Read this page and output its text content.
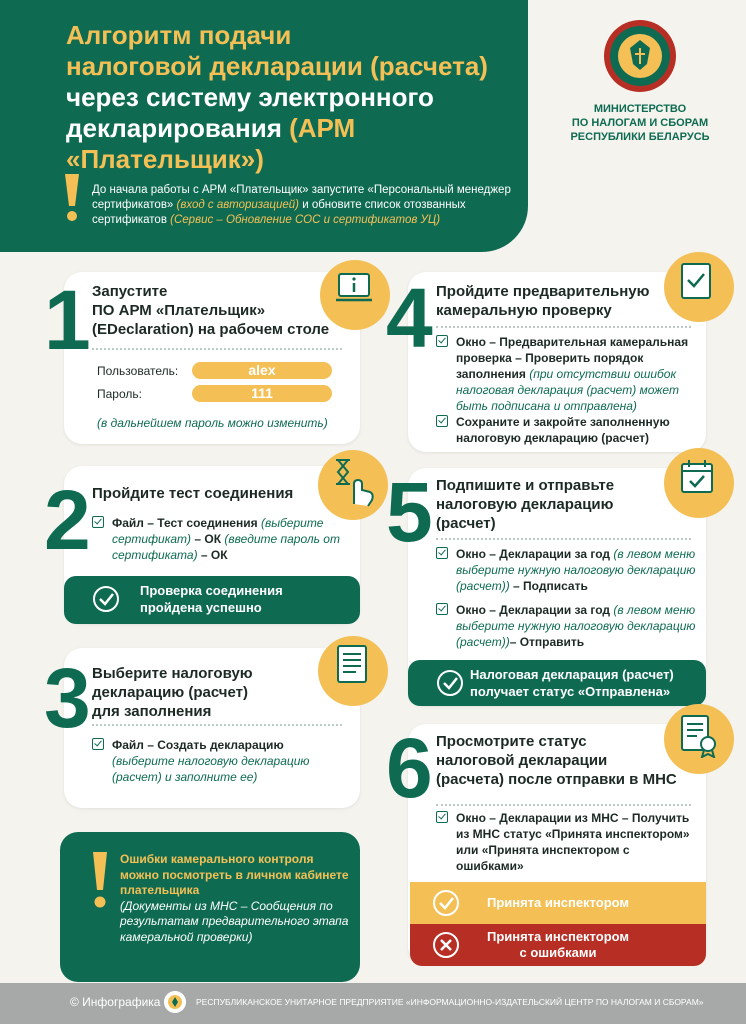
Алгоритм подачи
налоговой декларации (расчета)
через систему электронного
декларирования (АРМ «Плательщик»)
До начала работы с АРМ «Плательщик» запустите «Персональный менеджер сертификатов» (вход с авторизацией) и обновите список отозванных сертификатов (Сервис – Обновление СОС и сертификатов УЦ)
МИНИСТЕРСТВО
ПО НАЛОГАМ И СБОРАМ
РЕСПУБЛИКИ БЕЛАРУСЬ
1 Запустите
ПО АРМ «Плательщик»
(EDeclaration) на рабочем столе
Пользователь:	alex
Пароль:	111
(в дальнейшем пароль можно изменить)
2 Пройдите тест соединения
Файл – Тест соединения (выберите сертификат) – ОК (введите пароль от сертификата) – ОК
Проверка соединения
пройдена успешно
3 Выберите налоговую
декларацию (расчет)
для заполнения
Файл – Создать декларацию
(выберите налоговую декларацию (расчет) и заполните ее)
Ошибки камерального контроля можно посмотреть в личном кабинете плательщика
(Документы из МНС – Сообщения по результатам предварительного этапа камеральной проверки)
4 Пройдите предварительную
камеральную проверку
Окно – Предварительная камеральная проверка – Проверить порядок заполнения (при отсутствии ошибок налоговая декларация (расчет) может быть подписана и отправлена)
Сохраните и закройте заполненную налоговую декларацию (расчет)
5 Подпишите и отправьте
налоговую декларацию
(расчет)
Окно – Декларации за год (в левом меню выберите нужную налоговую декларацию (расчет)) – Подписать
Окно – Декларации за год (в левом меню выберите нужную налоговую декларацию (расчет))– Отправить
Налоговая декларация (расчет)
получает статус «Отправлена»
6 Просмотрите статус
налоговой декларации
(расчета) после отправки в МНС
Окно – Декларации из МНС – Получить из МНС статус «Принята инспектором» или «Принята инспектором с ошибками»
Принята инспектором
Принята инспектором
с ошибками
© Инфографика	РЕСПУБЛИКАНСКОЕ УНИТАРНОЕ ПРЕДПРИЯТИЕ «ИНФОРМАЦИОННО-ИЗДАТЕЛЬСКИЙ ЦЕНТР ПО НАЛОГАМ И СБОРАМ»
